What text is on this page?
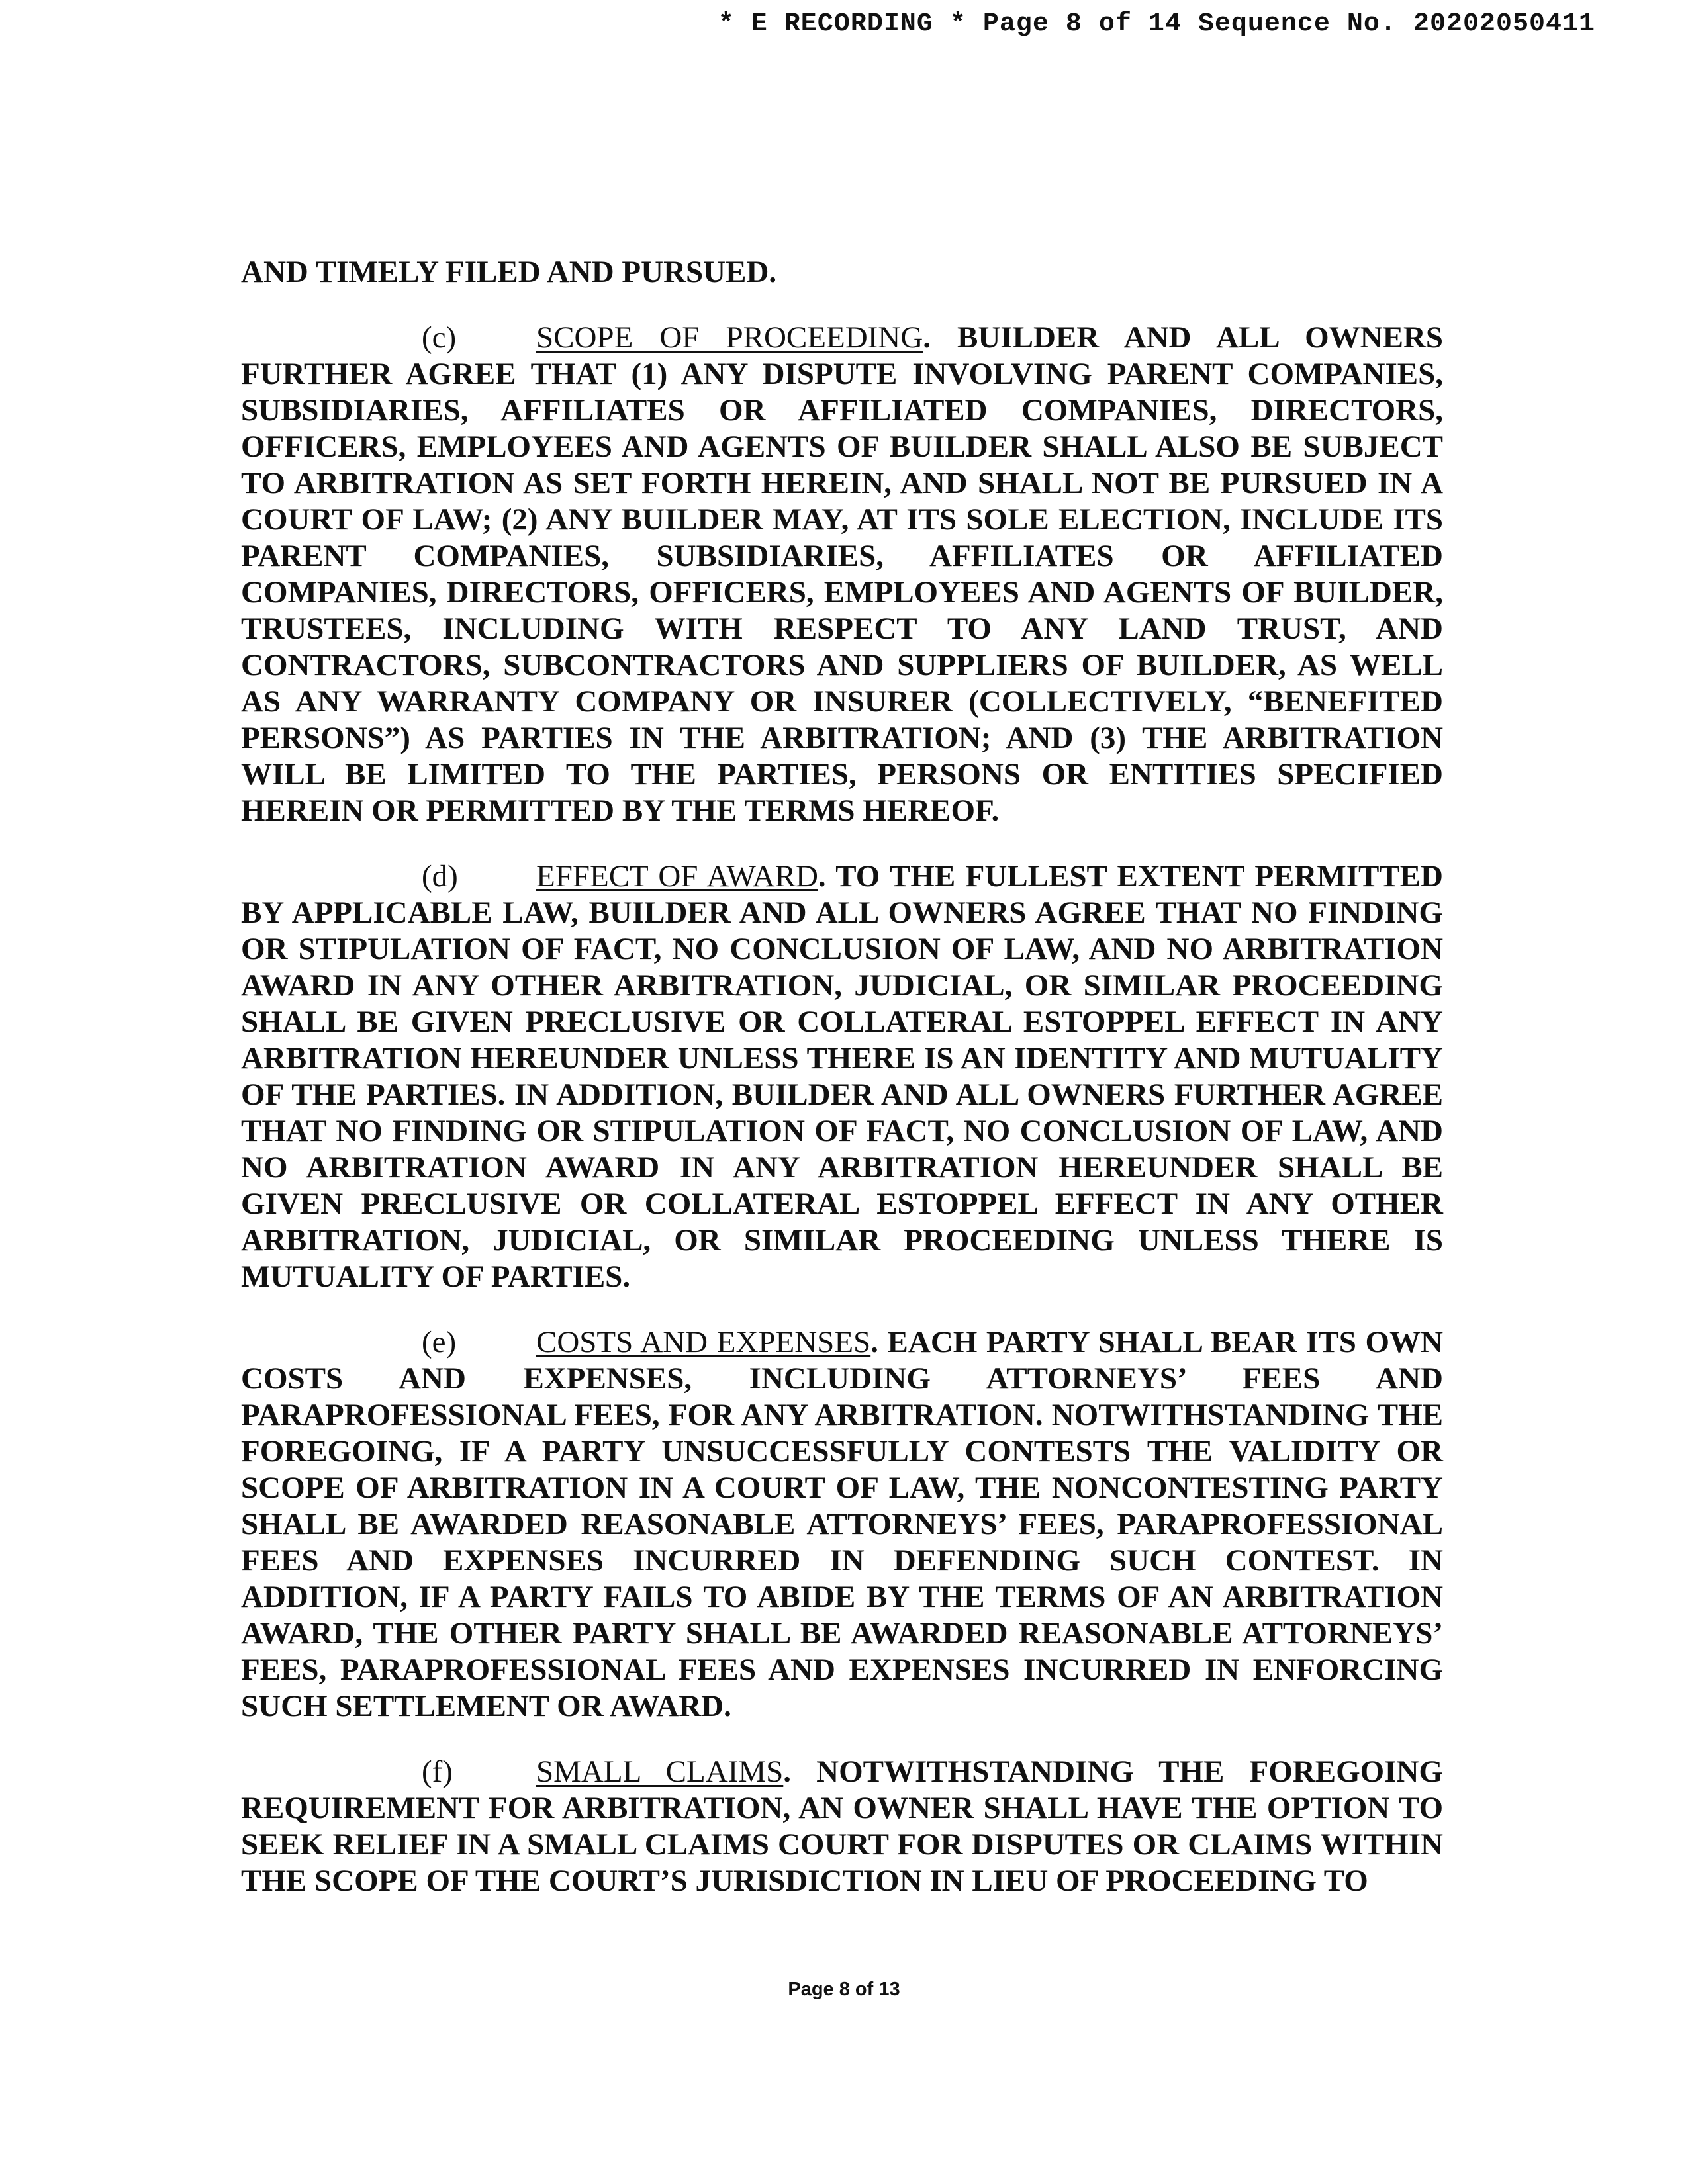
* E RECORDING * Page 8 of 14 Sequence No. 20202050411

AND TIMELY FILED AND PURSUED.

(c)	SCOPE OF PROCEEDING. BUILDER AND ALL OWNERS FURTHER AGREE THAT (1) ANY DISPUTE INVOLVING PARENT COMPANIES, SUBSIDIARIES, AFFILIATES OR AFFILIATED COMPANIES, DIRECTORS, OFFICERS, EMPLOYEES AND AGENTS OF BUILDER SHALL ALSO BE SUBJECT TO ARBITRATION AS SET FORTH HEREIN, AND SHALL NOT BE PURSUED IN A COURT OF LAW; (2) ANY BUILDER MAY, AT ITS SOLE ELECTION, INCLUDE ITS PARENT COMPANIES, SUBSIDIARIES, AFFILIATES OR AFFILIATED COMPANIES, DIRECTORS, OFFICERS, EMPLOYEES AND AGENTS OF BUILDER, TRUSTEES, INCLUDING WITH RESPECT TO ANY LAND TRUST, AND CONTRACTORS, SUBCONTRACTORS AND SUPPLIERS OF BUILDER, AS WELL AS ANY WARRANTY COMPANY OR INSURER (COLLECTIVELY, “BENEFITED PERSONS”) AS PARTIES IN THE ARBITRATION; AND (3) THE ARBITRATION WILL BE LIMITED TO THE PARTIES, PERSONS OR ENTITIES SPECIFIED HEREIN OR PERMITTED BY THE TERMS HEREOF.

(d)	EFFECT OF AWARD. TO THE FULLEST EXTENT PERMITTED BY APPLICABLE LAW, BUILDER AND ALL OWNERS AGREE THAT NO FINDING OR STIPULATION OF FACT, NO CONCLUSION OF LAW, AND NO ARBITRATION AWARD IN ANY OTHER ARBITRATION, JUDICIAL, OR SIMILAR PROCEEDING SHALL BE GIVEN PRECLUSIVE OR COLLATERAL ESTOPPEL EFFECT IN ANY ARBITRATION HEREUNDER UNLESS THERE IS AN IDENTITY AND MUTUALITY OF THE PARTIES. IN ADDITION, BUILDER AND ALL OWNERS FURTHER AGREE THAT NO FINDING OR STIPULATION OF FACT, NO CONCLUSION OF LAW, AND NO ARBITRATION AWARD IN ANY ARBITRATION HEREUNDER SHALL BE GIVEN PRECLUSIVE OR COLLATERAL ESTOPPEL EFFECT IN ANY OTHER ARBITRATION, JUDICIAL, OR SIMILAR PROCEEDING UNLESS THERE IS MUTUALITY OF PARTIES.

(e)	COSTS AND EXPENSES. EACH PARTY SHALL BEAR ITS OWN COSTS AND EXPENSES, INCLUDING ATTORNEYS’ FEES AND PARAPROFESSIONAL FEES, FOR ANY ARBITRATION. NOTWITHSTANDING THE FOREGOING, IF A PARTY UNSUCCESSFULLY CONTESTS THE VALIDITY OR SCOPE OF ARBITRATION IN A COURT OF LAW, THE NONCONTESTING PARTY SHALL BE AWARDED REASONABLE ATTORNEYS’ FEES, PARAPROFESSIONAL FEES AND EXPENSES INCURRED IN DEFENDING SUCH CONTEST. IN ADDITION, IF A PARTY FAILS TO ABIDE BY THE TERMS OF AN ARBITRATION AWARD, THE OTHER PARTY SHALL BE AWARDED REASONABLE ATTORNEYS’ FEES, PARAPROFESSIONAL FEES AND EXPENSES INCURRED IN ENFORCING SUCH SETTLEMENT OR AWARD.

(f)	SMALL CLAIMS. NOTWITHSTANDING THE FOREGOING REQUIREMENT FOR ARBITRATION, AN OWNER SHALL HAVE THE OPTION TO SEEK RELIEF IN A SMALL CLAIMS COURT FOR DISPUTES OR CLAIMS WITHIN THE SCOPE OF THE COURT’S JURISDICTION IN LIEU OF PROCEEDING TO

Page 8 of 13
